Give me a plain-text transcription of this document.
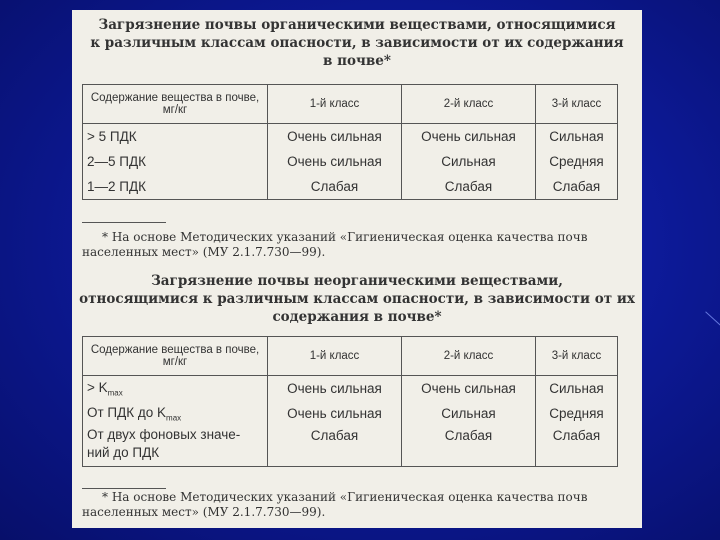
Загрязнение почвы органическими веществами, относящимися
к различным классам опасности, в зависимости от их содержания
в почве*
Содержание вещества в почве, мг/кг	1-й класс	2-й класс	3-й класс
> 5 ПДК	Очень сильная	Очень сильная	Сильная
2—5 ПДК	Очень сильная	Сильная	Средняя
1—2 ПДК	Слабая	Слабая	Слабая
* На основе Методических указаний «Гигиеническая оценка качества почв
населенных мест» (МУ 2.1.7.730—99).
Загрязнение почвы неорганическими веществами,
относящимися к различным классам опасности, в зависимости от их
содержания в почве*
Содержание вещества в почве, мг/кг	1-й класс	2-й класс	3-й класс
> $K_{max}$	Очень сильная	Очень сильная	Сильная
От ПДК до $K_{max}$	Очень сильная	Сильная	Средняя

От двух фоновых значе-
ний до ПДК	Слабая	Слабая	Слабая
* На основе Методических указаний «Гигиеническая оценка качества почв
населенных мест» (МУ 2.1.7.730—99).
